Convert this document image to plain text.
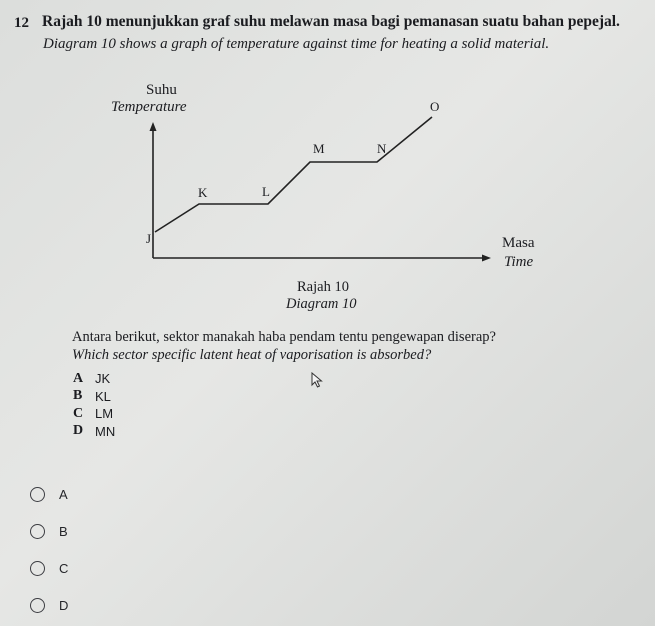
12 Rajah 10 menunjukkan graf suhu melawan masa bagi pemanasan suatu bahan pepejal.
Diagram 10 shows a graph of temperature against time for heating a solid material.
Suhu
Temperature
Masa
Time
J
K	L
M	N
O
Rajah 10
Diagram 10
Antara berikut, sektor manakah haba pendam tentu pengewapan diserap?
Which sector specific latent heat of vaporisation is absorbed?
A JK
B KL
C LM
D MN
A
B
C
D
